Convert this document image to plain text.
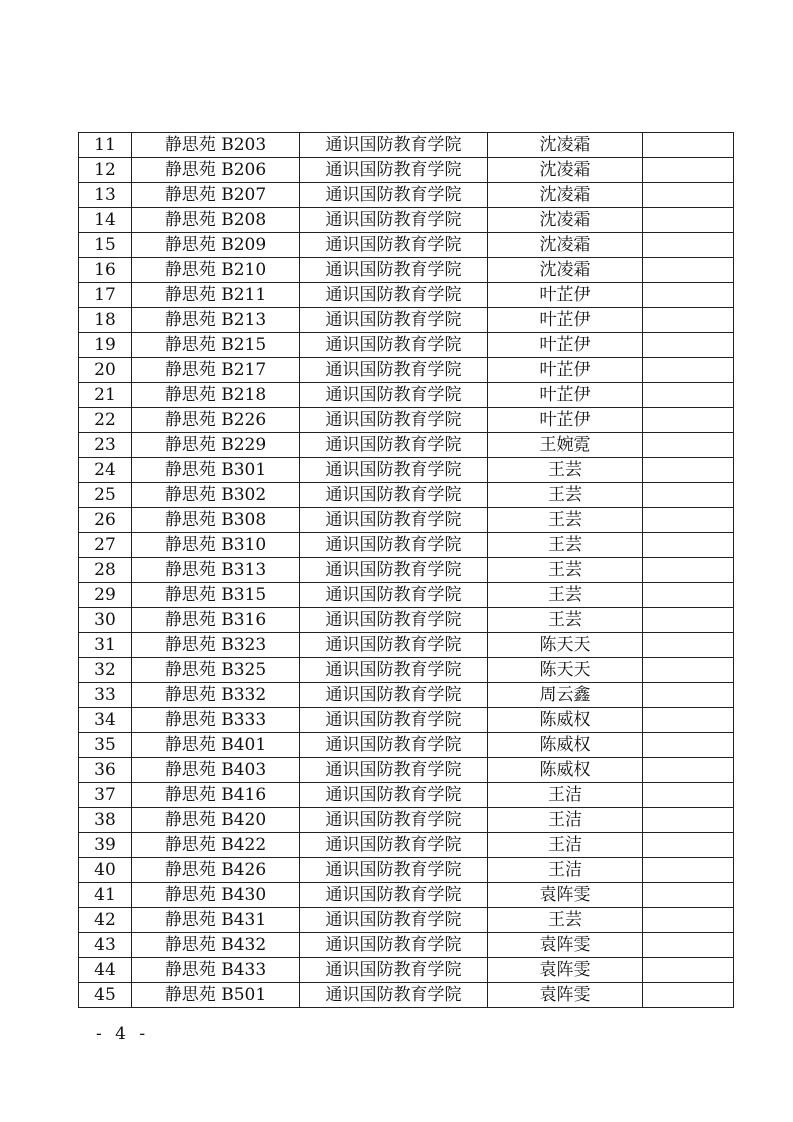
11	静思苑 B203	通识国防教育学院	沈凌霜	
12	静思苑 B206	通识国防教育学院	沈凌霜	
13	静思苑 B207	通识国防教育学院	沈凌霜	
14	静思苑 B208	通识国防教育学院	沈凌霜	
15	静思苑 B209	通识国防教育学院	沈凌霜	
16	静思苑 B210	通识国防教育学院	沈凌霜	
17	静思苑 B211	通识国防教育学院	叶芷伊	
18	静思苑 B213	通识国防教育学院	叶芷伊	
19	静思苑 B215	通识国防教育学院	叶芷伊	
20	静思苑 B217	通识国防教育学院	叶芷伊	
21	静思苑 B218	通识国防教育学院	叶芷伊	
22	静思苑 B226	通识国防教育学院	叶芷伊	
23	静思苑 B229	通识国防教育学院	王婉霓	
24	静思苑 B301	通识国防教育学院	王芸	
25	静思苑 B302	通识国防教育学院	王芸	
26	静思苑 B308	通识国防教育学院	王芸	
27	静思苑 B310	通识国防教育学院	王芸	
28	静思苑 B313	通识国防教育学院	王芸	
29	静思苑 B315	通识国防教育学院	王芸	
30	静思苑 B316	通识国防教育学院	王芸	
31	静思苑 B323	通识国防教育学院	陈天天	
32	静思苑 B325	通识国防教育学院	陈天天	
33	静思苑 B332	通识国防教育学院	周云鑫	
34	静思苑 B333	通识国防教育学院	陈威权	
35	静思苑 B401	通识国防教育学院	陈威权	
36	静思苑 B403	通识国防教育学院	陈威权	
37	静思苑 B416	通识国防教育学院	王洁	
38	静思苑 B420	通识国防教育学院	王洁	
39	静思苑 B422	通识国防教育学院	王洁	
40	静思苑 B426	通识国防教育学院	王洁	
41	静思苑 B430	通识国防教育学院	袁阵雯	
42	静思苑 B431	通识国防教育学院	王芸	
43	静思苑 B432	通识国防教育学院	袁阵雯	
44	静思苑 B433	通识国防教育学院	袁阵雯	
45	静思苑 B501	通识国防教育学院	袁阵雯	
- 4 -
